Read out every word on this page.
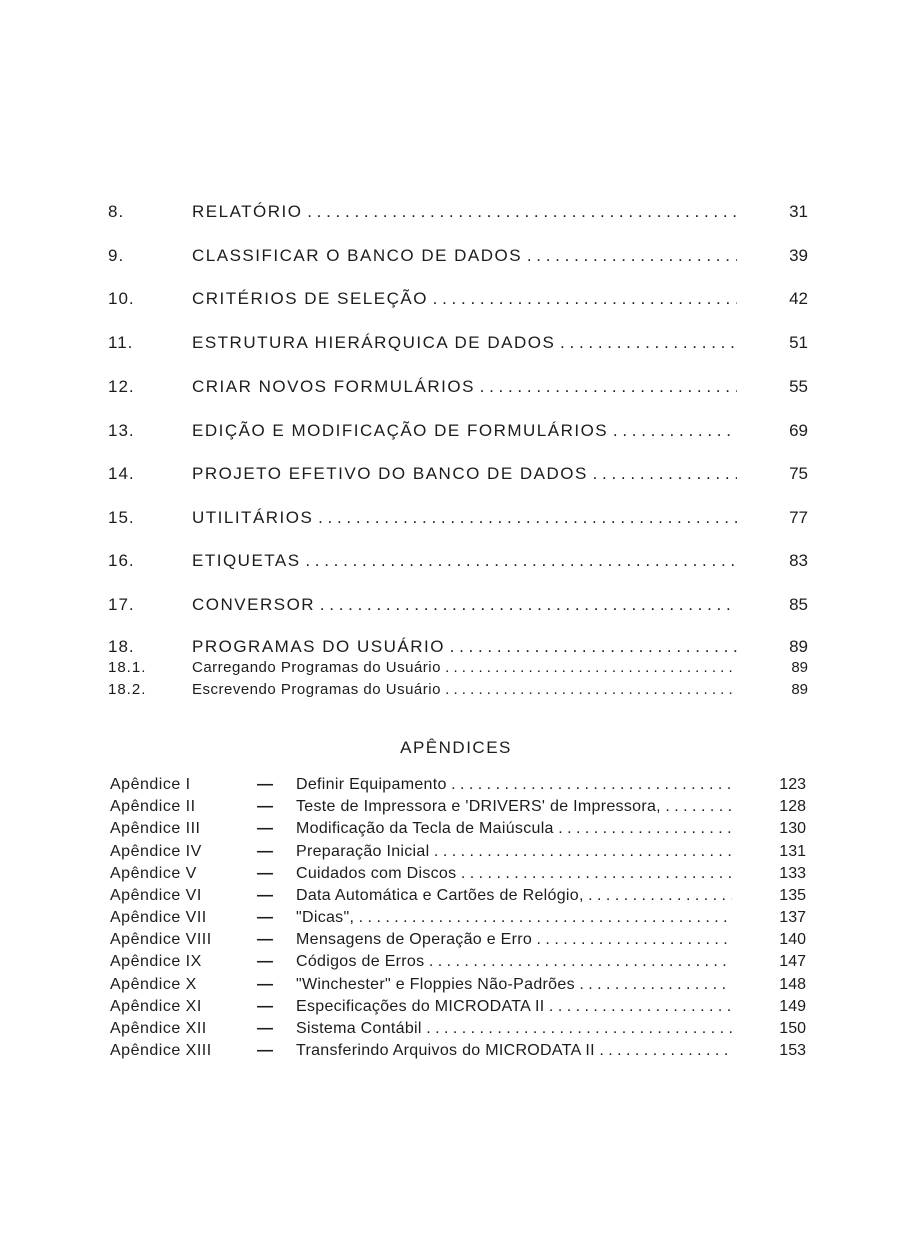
8.	RELATÓRIO . . .	31
9.	CLASSIFICAR O BANCO DE DADOS . . .	39
10.	CRITÉRIOS DE SELEÇÃO . . .	42
11.	ESTRUTURA HIERÁRQUICA DE DADOS . . .	51
12.	CRIAR NOVOS FORMULÁRIOS . . .	55
13.	EDIÇÃO E MODIFICAÇÃO DE FORMULÁRIOS . . .	69
14.	PROJETO EFETIVO DO BANCO DE DADOS . . .	75
15.	UTILITÁRIOS . . .	77
16.	ETIQUETAS . . .	83
17.	CONVERSOR . . .	85
18.	PROGRAMAS DO USUÁRIO . . .	89
18.1.	Carregando Programas do Usuário . . .	89
18.2.	Escrevendo Programas do Usuário . . .	89
APÊNDICES
Apêndice I	— Definir Equipamento . . .	123
Apêndice II	— Teste de Impressora e 'DRIVERS' de Impressora, . . .	128
Apêndice III	— Modificação da Tecla de Maiúscula . . .	130
Apêndice IV	— Preparação Inicial . . .	131
Apêndice V	— Cuidados com Discos . . .	133
Apêndice VI	— Data Automática e Cartões de Relógio, . . .	135
Apêndice VII	— "Dicas", . . .	137
Apêndice VIII	— Mensagens de Operação e Erro . . .	140
Apêndice IX	— Códigos de Erros . . .	147
Apêndice X	— "Winchester" e Floppies Não-Padrões . . .	148
Apêndice XI	— Especificações do MICRODATA II . . .	149
Apêndice XII	— Sistema Contábil . . .	150
Apêndice XIII	— Transferindo Arquivos do MICRODATA II . . .	153
